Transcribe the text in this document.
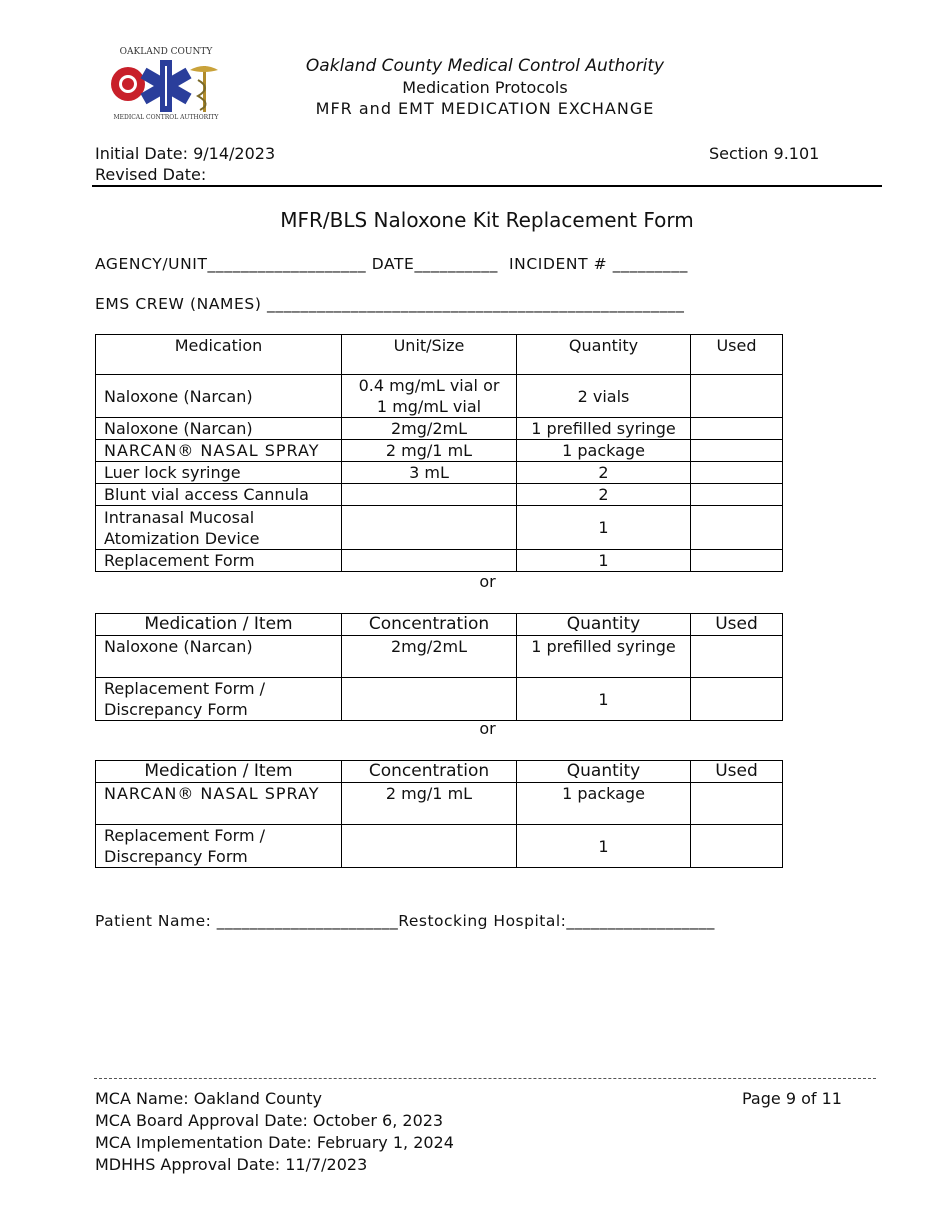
OAKLAND COUNTY
MEDICAL CONTROL AUTHORITY
Oakland County Medical Control Authority
Medication Protocols
MFR and EMT MEDICATION EXCHANGE
Initial Date: 9/14/2023
Revised Date:
Section 9.101
MFR/BLS Naloxone Kit Replacement Form
AGENCY/UNIT___________________ DATE__________  INCIDENT # _________
EMS CREW (NAMES) __________________________________________________
Medication	Unit/Size	Quantity	Used
Naloxone (Narcan)	0.4 mg/mL vial or
1 mg/mL vial	2 vials	
Naloxone (Narcan)	2mg/2mL	1 prefilled syringe	
NARCAN® NASAL SPRAY	2 mg/1 mL	1 package	
Luer lock syringe	3 mL	2	
Blunt vial access Cannula		2	
Intranasal Mucosal
Atomization Device		1	
Replacement Form		1	
or
Medication / Item	Concentration	Quantity	Used
Naloxone (Narcan)	2mg/2mL	1 prefilled syringe	
Replacement Form /
Discrepancy Form		1	
or
Medication / Item	Concentration	Quantity	Used
NARCAN® NASAL SPRAY	2 mg/1 mL	1 package	
Replacement Form /
Discrepancy Form		1	
Patient Name: ______________________Restocking Hospital:__________________
MCA Name: Oakland County
MCA Board Approval Date: October 6, 2023
MCA Implementation Date: February 1, 2024
MDHHS Approval Date: 11/7/2023
Page 9 of 11
